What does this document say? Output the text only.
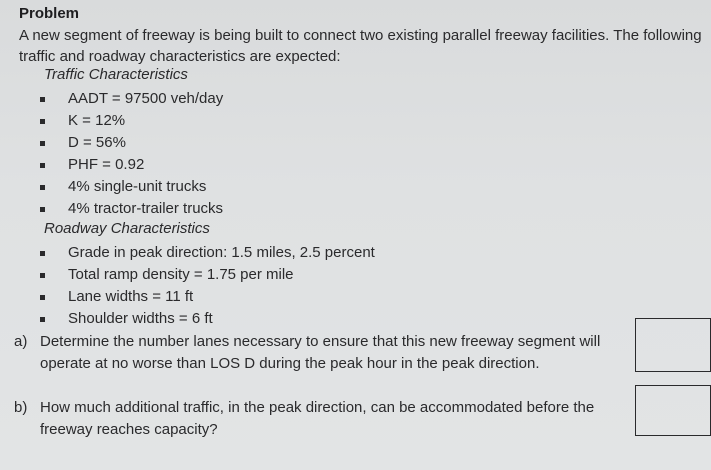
Problem
A new segment of freeway is being built to connect two existing parallel freeway facilities. The following traffic and roadway characteristics are expected:
Traffic Characteristics
AADT = 97500 veh/day
K = 12%
D = 56%
PHF = 0.92
4% single-unit trucks
4% tractor-trailer trucks
Roadway Characteristics
Grade in peak direction: 1.5 miles, 2.5 percent
Total ramp density = 1.75 per mile
Lane widths = 11 ft
Shoulder widths = 6 ft
a) Determine the number lanes necessary to ensure that this new freeway segment will operate at no worse than LOS D during the peak hour in the peak direction.
b) How much additional traffic, in the peak direction, can be accommodated before the freeway reaches capacity?
